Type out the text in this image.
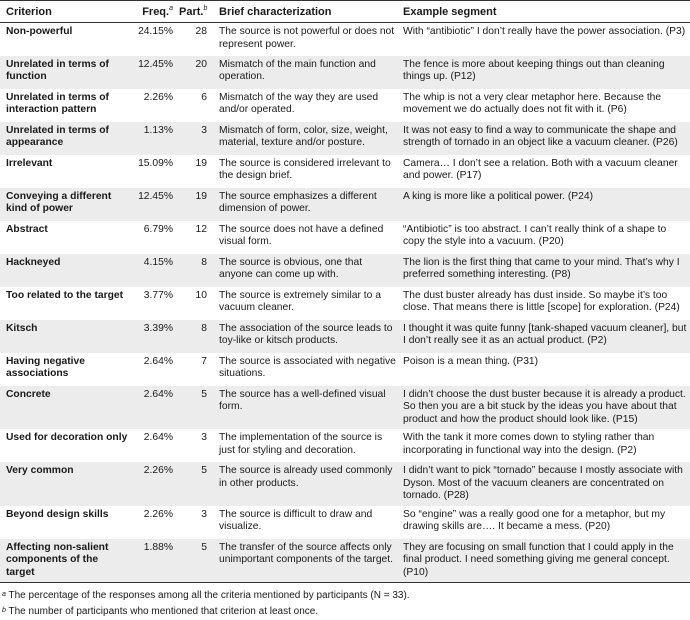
Criterion	Freq.$^a$	Part.$^b$	Brief characterization	Example segment
Non-powerful	24.15%	28	The source is not powerful or does not represent power.	With “antibiotic” I don’t really have the power association. (P3)
Unrelated in terms of function	12.45%	20	Mismatch of the main function and operation.	The fence is more about keeping things out than cleaning things up. (P12)
Unrelated in terms of interaction pattern	2.26%	6	Mismatch of the way they are used and/or operated.	The whip is not a very clear metaphor here. Because the movement we do actually does not fit with it. (P6)
Unrelated in terms of appearance	1.13%	3	Mismatch of form, color, size, weight, material, texture and/or posture.	It was not easy to find a way to communicate the shape and strength of tornado in an object like a vacuum cleaner. (P26)
Irrelevant	15.09%	19	The source is considered irrelevant to the design brief.	Camera… I don’t see a relation. Both with a vacuum cleaner and power. (P17)
Conveying a different kind of power	12.45%	19	The source emphasizes a different dimension of power.	A king is more like a political power. (P24)
Abstract	6.79%	12	The source does not have a defined visual form.	“Antibiotic” is too abstract. I can’t really think of a shape to copy the style into a vacuum. (P20)
Hackneyed	4.15%	8	The source is obvious, one that anyone can come up with.	The lion is the first thing that came to your mind. That’s why I preferred something interesting. (P8)
Too related to the target	3.77%	10	The source is extremely similar to a vacuum cleaner.	The dust buster already has dust inside. So maybe it’s too close. That means there is little [scope] for exploration. (P24)
Kitsch	3.39%	8	The association of the source leads to toy-like or kitsch products.	I thought it was quite funny [tank-shaped vacuum cleaner], but I don’t really see it as an actual product. (P2)
Having negative associations	2.64%	7	The source is associated with negative situations.	Poison is a mean thing. (P31)
Concrete	2.64%	5	The source has a well-defined visual form.	I didn’t choose the dust buster because it is already a product. So then you are a bit stuck by the ideas you have about that product and how the product should look like. (P15)
Used for decoration only	2.64%	3	The implementation of the source is just for styling and decoration.	With the tank it more comes down to styling rather than incorporating in functional way into the design. (P2)
Very common	2.26%	5	The source is already used commonly in other products.	I didn’t want to pick “tornado” because I mostly associate with Dyson. Most of the vacuum cleaners are concentrated on tornado. (P28)
Beyond design skills	2.26%	3	The source is difficult to draw and visualize.	So “engine” was a really good one for a metaphor, but my drawing skills are…. It became a mess. (P20)
Affecting non-salient components of the target	1.88%	5	The transfer of the source affects only unimportant components of the target.	They are focusing on small function that I could apply in the final product. I need something giving me general concept. (P10)
$^a$ The percentage of the responses among all the criteria mentioned by participants (N = 33).
$^b$ The number of participants who mentioned that criterion at least once.
